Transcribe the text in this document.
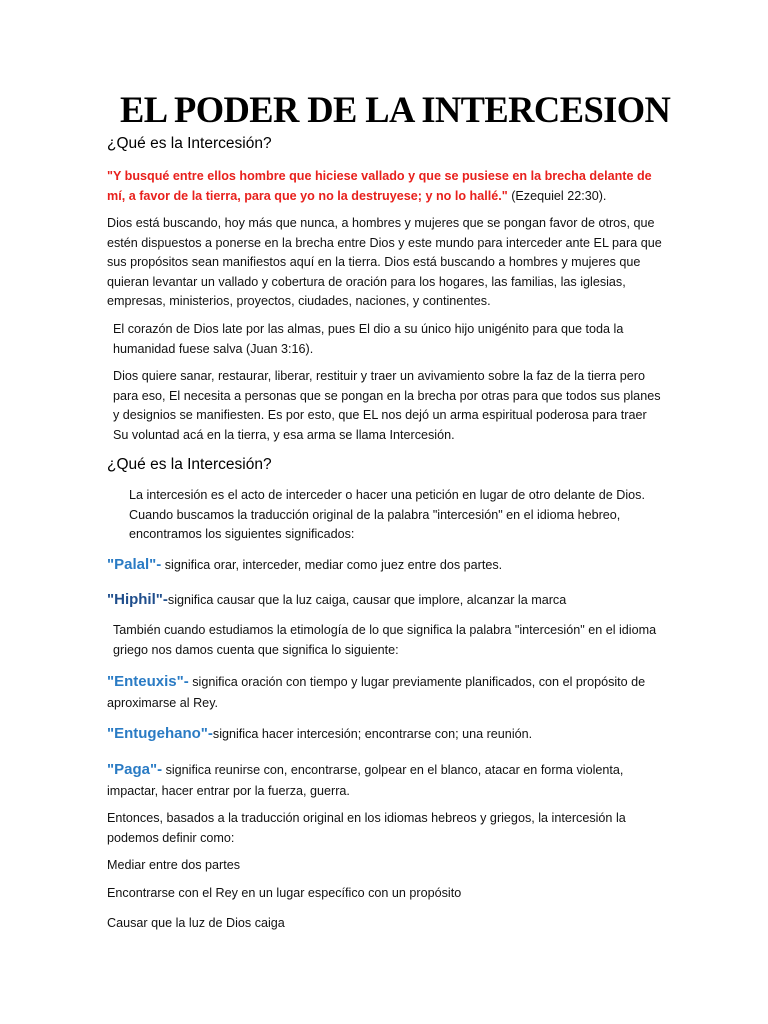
EL PODER DE LA INTERCESION
¿Qué es la Intercesión?

"Y busqué entre ellos hombre que hiciese vallado y que se pusiese en la brecha delante de mí, a favor de la tierra, para que yo no la destruyese; y no lo hallé." (Ezequiel 22:30).

Dios está buscando, hoy más que nunca, a hombres y mujeres que se pongan favor de otros, que estén dispuestos a ponerse en la brecha entre Dios y este mundo para interceder ante EL para que sus propósitos sean manifiestos aquí en la tierra. Dios está buscando a hombres y mujeres que quieran levantar un vallado y cobertura de oración para los hogares, las familias, las iglesias, empresas, ministerios, proyectos, ciudades, naciones, y continentes.

El corazón de Dios late por las almas, pues El dio a su único hijo unigénito para que toda la humanidad fuese salva (Juan 3:16).

Dios quiere sanar, restaurar, liberar, restituir y traer un avivamiento sobre la faz de la tierra pero para eso, El necesita a personas que se pongan en la brecha por otras para que todos sus planes y designios se manifiesten. Es por esto, que EL nos dejó un arma espiritual poderosa para traer Su voluntad acá en la tierra, y esa arma se llama Intercesión.

¿Qué es la Intercesión?

La intercesión es el acto de interceder o hacer una petición en lugar de otro delante de Dios. Cuando buscamos la traducción original de la palabra "intercesión" en el idioma hebreo, encontramos los siguientes significados:

"Palal"- significa orar, interceder, mediar como juez entre dos partes.

"Hiphil"-significa causar que la luz caiga, causar que implore, alcanzar la marca

También cuando estudiamos la etimología de lo que significa la palabra "intercesión" en el idioma griego nos damos cuenta que significa lo siguiente:

"Enteuxis"- significa oración con tiempo y lugar previamente planificados, con el propósito de aproximarse al Rey.

"Entugehano"-significa hacer intercesión; encontrarse con; una reunión.

"Paga"- significa reunirse con, encontrarse, golpear en el blanco, atacar en forma violenta, impactar, hacer entrar por la fuerza, guerra.

Entonces, basados a la traducción original en los idiomas hebreos y griegos, la intercesión la podemos definir como:

Mediar entre dos partes

Encontrarse con el Rey en un lugar específico con un propósito

Causar que la luz de Dios caiga
